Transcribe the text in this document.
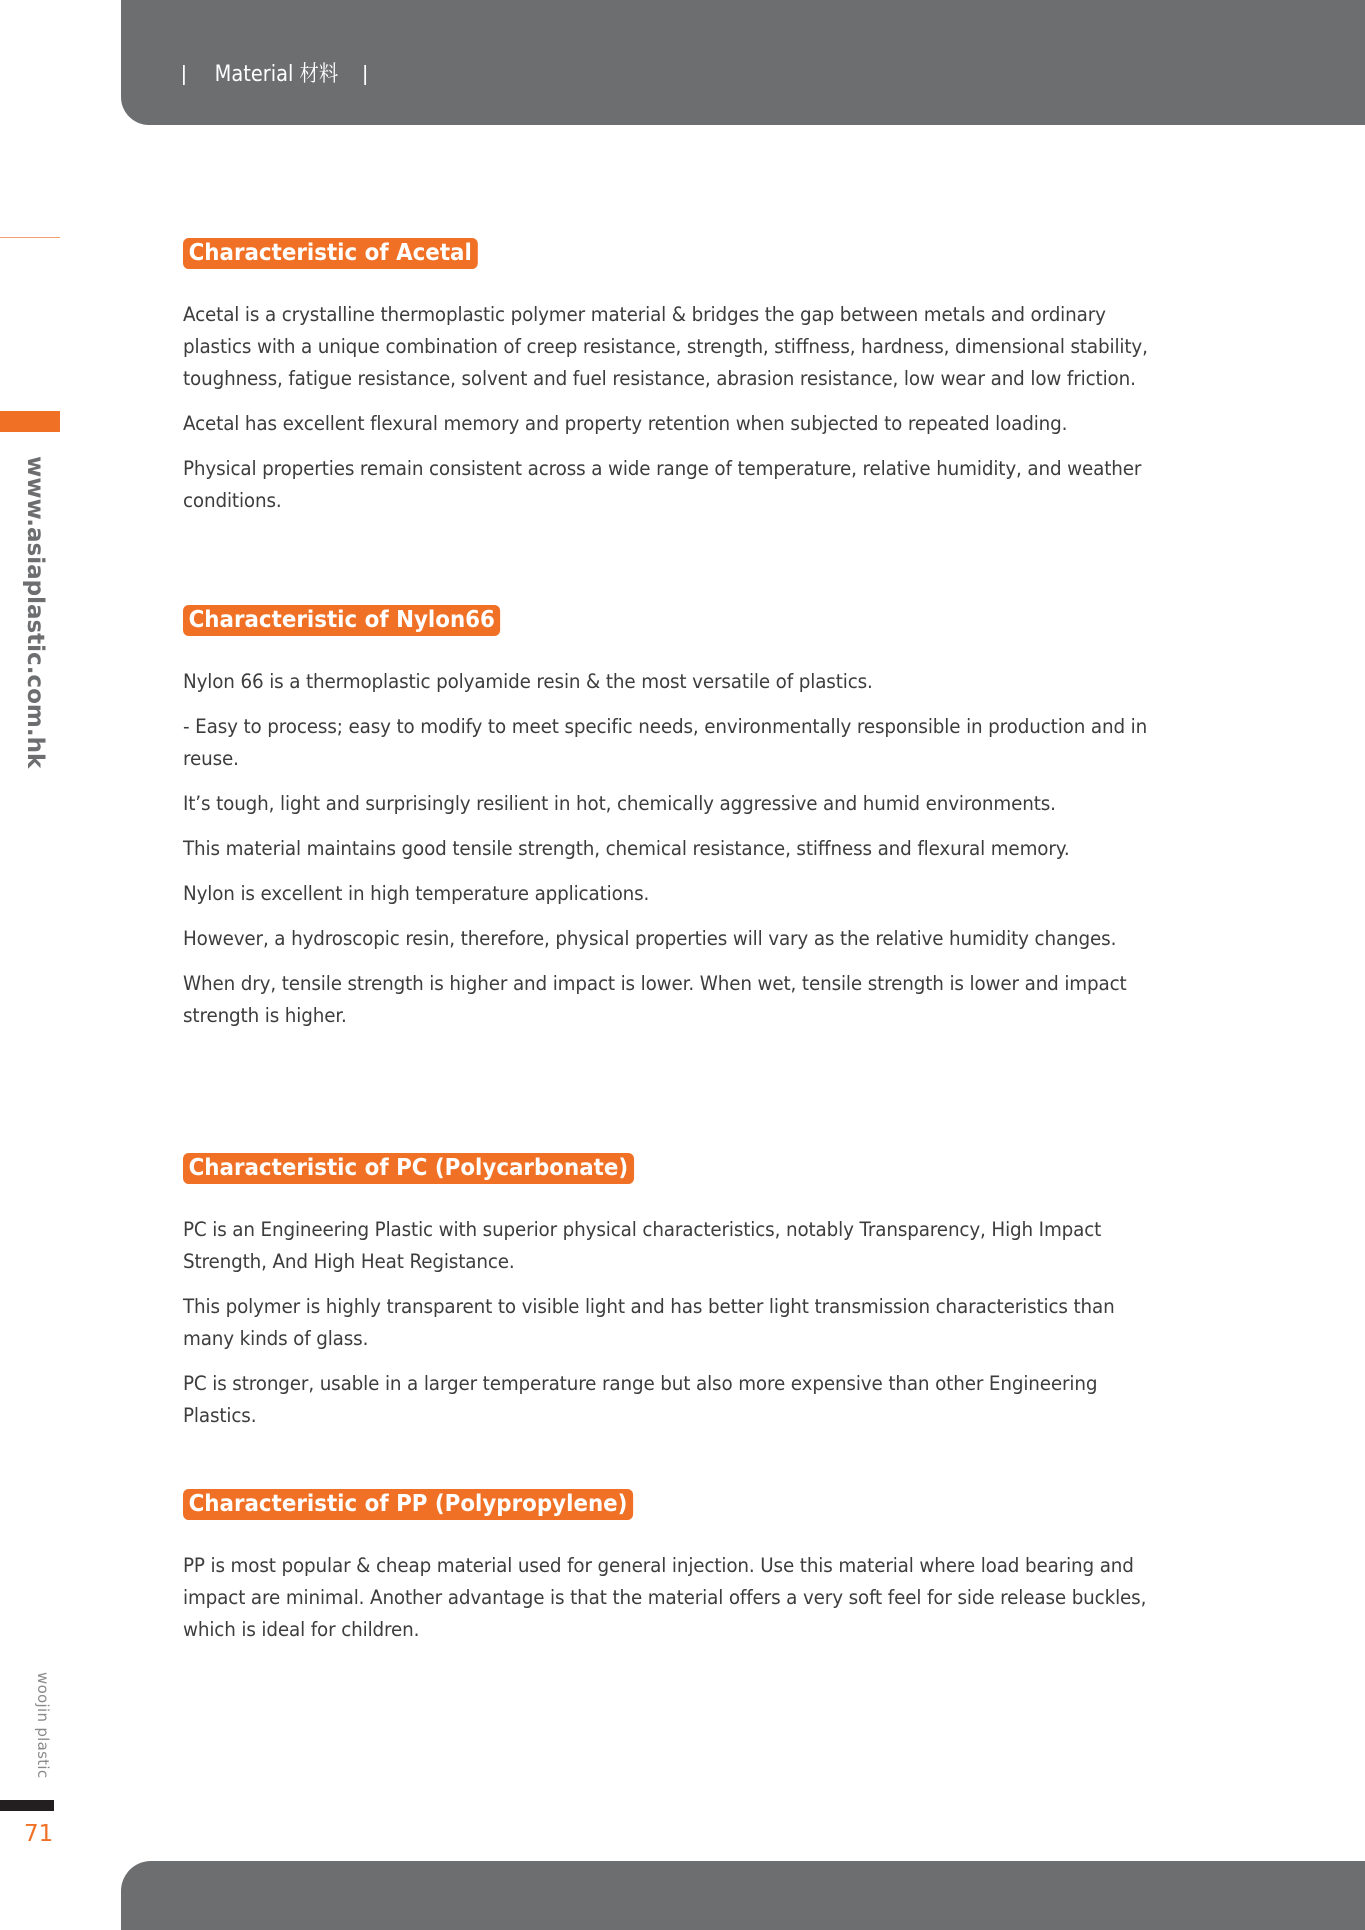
Material 材料
www.asiaplastic.com.hk
woojin plastic
71
Characteristic of Acetal

Acetal is a crystalline thermoplastic polymer material & bridges the gap between metals and ordinary plastics with a unique combination of creep resistance, strength, stiffness, hardness, dimensional stability, toughness, fatigue resistance, solvent and fuel resistance, abrasion resistance, low wear and low friction.

Acetal has excellent flexural memory and property retention when subjected to repeated loading.

Physical properties remain consistent across a wide range of temperature, relative humidity, and weather conditions.

Characteristic of Nylon66

Nylon 66 is a thermoplastic polyamide resin & the most versatile of plastics.

- Easy to process; easy to modify to meet specific needs, environmentally responsible in production and in reuse.

It’s tough, light and surprisingly resilient in hot, chemically aggressive and humid environments.

This material maintains good tensile strength, chemical resistance, stiffness and flexural memory.

Nylon is excellent in high temperature applications.

However, a hydroscopic resin, therefore, physical properties will vary as the relative humidity changes.

When dry, tensile strength is higher and impact is lower. When wet, tensile strength is lower and impact strength is higher.

Characteristic of PC (Polycarbonate)

PC is an Engineering Plastic with superior physical characteristics, notably Transparency, High Impact Strength, And High Heat Registance.

This polymer is highly transparent to visible light and has better light transmission characteristics than many kinds of glass.

PC is stronger, usable in a larger temperature range but also more expensive than other Engineering Plastics.

Characteristic of PP (Polypropylene)

PP is most popular & cheap material used for general injection. Use this material where load bearing and impact are minimal. Another advantage is that the material offers a very soft feel for side release buckles, which is ideal for children.
